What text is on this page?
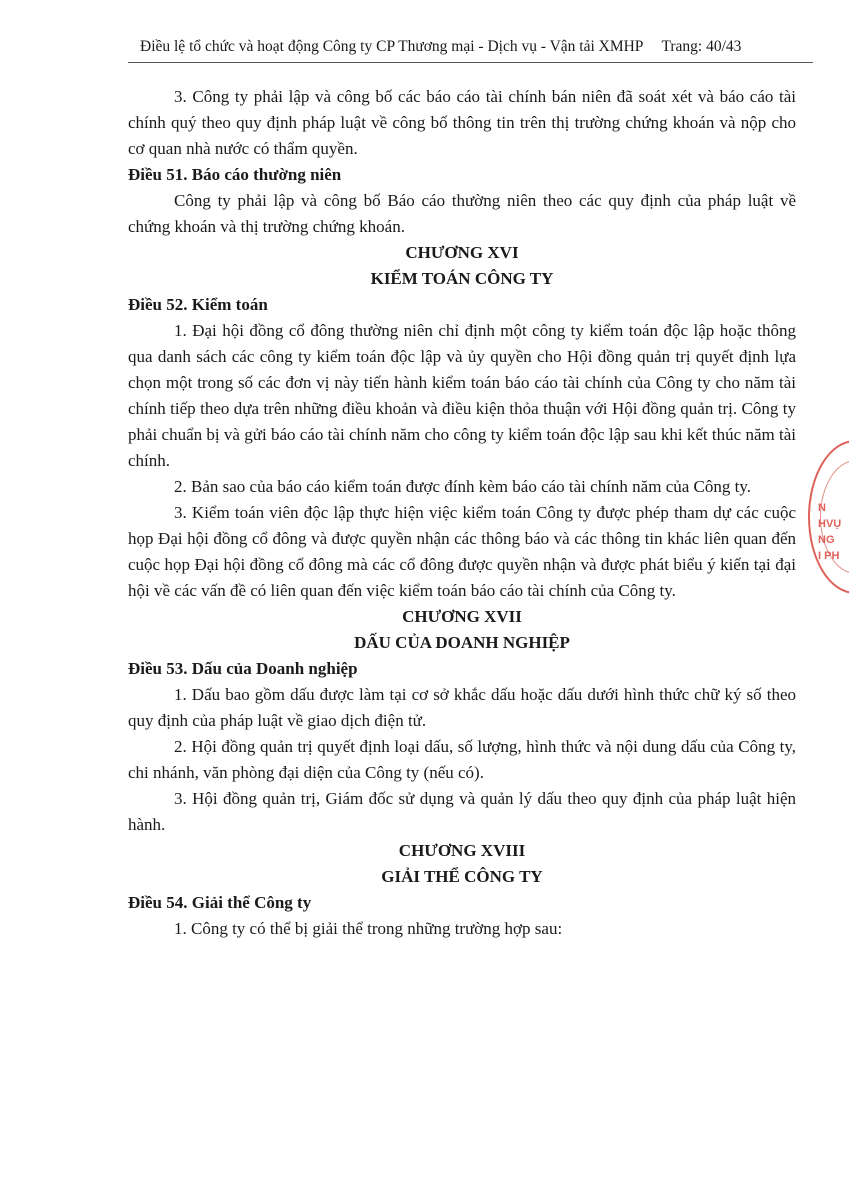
Điều lệ tổ chức và hoạt động Công ty CP Thương mại - Dịch vụ - Vận tải XMHP Trang: 40/43

3. Công ty phải lập và công bố các báo cáo tài chính bán niên đã soát xét và báo cáo tài chính quý theo quy định pháp luật về công bố thông tin trên thị trường chứng khoán và nộp cho cơ quan nhà nước có thẩm quyền.

Điều 51. Báo cáo thường niên

Công ty phải lập và công bố Báo cáo thường niên theo các quy định của pháp luật về chứng khoán và thị trường chứng khoán.

CHƯƠNG XVI

KIỂM TOÁN CÔNG TY

Điều 52. Kiểm toán

1. Đại hội đồng cổ đông thường niên chỉ định một công ty kiểm toán độc lập hoặc thông qua danh sách các công ty kiểm toán độc lập và ủy quyền cho Hội đồng quản trị quyết định lựa chọn một trong số các đơn vị này tiến hành kiểm toán báo cáo tài chính của Công ty cho năm tài chính tiếp theo dựa trên những điều khoản và điều kiện thỏa thuận với Hội đồng quản trị. Công ty phải chuẩn bị và gửi báo cáo tài chính năm cho công ty kiểm toán độc lập sau khi kết thúc năm tài chính.

2. Bản sao của báo cáo kiểm toán được đính kèm báo cáo tài chính năm của Công ty.

3. Kiểm toán viên độc lập thực hiện việc kiểm toán Công ty được phép tham dự các cuộc họp Đại hội đồng cổ đông và được quyền nhận các thông báo và các thông tin khác liên quan đến cuộc họp Đại hội đồng cổ đông mà các cổ đông được quyền nhận và được phát biểu ý kiến tại đại hội về các vấn đề có liên quan đến việc kiểm toán báo cáo tài chính của Công ty.

CHƯƠNG XVII

DẤU CỦA DOANH NGHIỆP

Điều 53. Dấu của Doanh nghiệp

1. Dấu bao gồm dấu được làm tại cơ sở khắc dấu hoặc dấu dưới hình thức chữ ký số theo quy định của pháp luật về giao dịch điện tử.

2. Hội đồng quản trị quyết định loại dấu, số lượng, hình thức và nội dung dấu của Công ty, chi nhánh, văn phòng đại diện của Công ty (nếu có).

3. Hội đồng quản trị, Giám đốc sử dụng và quản lý dấu theo quy định của pháp luật hiện hành.

CHƯƠNG XVIII

GIẢI THỂ CÔNG TY

Điều 54. Giải thể Công ty

1. Công ty có thể bị giải thể trong những trường hợp sau:

N
HVỤ
NG
I PH
